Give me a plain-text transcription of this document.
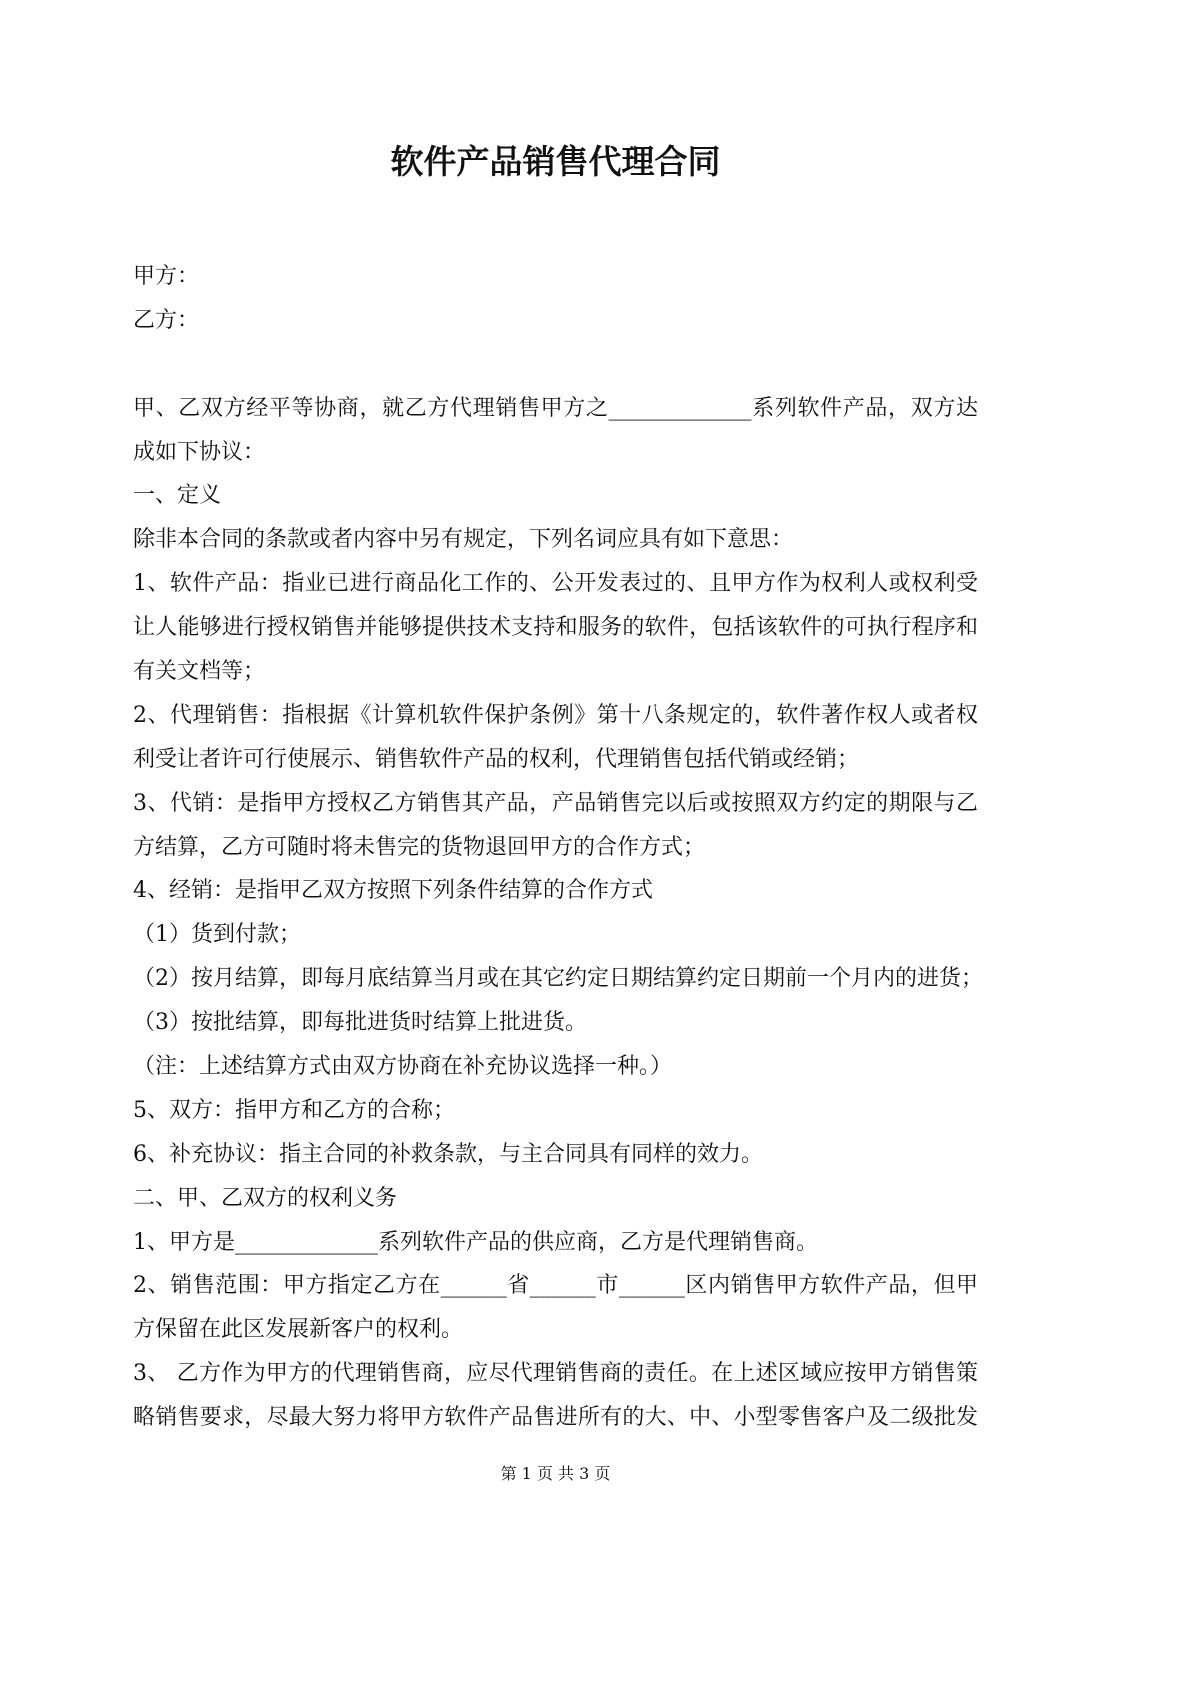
软件产品销售代理合同
甲方：
乙方：
甲、乙双方经平等协商，就乙方代理销售甲方之_____________系列软件产品，双方达
成如下协议：
一、定义
除非本合同的条款或者内容中另有规定，下列名词应具有如下意思：
1、软件产品：指业已进行商品化工作的、公开发表过的、且甲方作为权利人或权利受
让人能够进行授权销售并能够提供技术支持和服务的软件，包括该软件的可执行程序和
有关文档等；
2、代理销售：指根据《计算机软件保护条例》第十八条规定的，软件著作权人或者权
利受让者许可行使展示、销售软件产品的权利，代理销售包括代销或经销；
3、代销：是指甲方授权乙方销售其产品，产品销售完以后或按照双方约定的期限与乙
方结算，乙方可随时将未售完的货物退回甲方的合作方式；
4、经销：是指甲乙双方按照下列条件结算的合作方式
（1）货到付款；
（2）按月结算，即每月底结算当月或在其它约定日期结算约定日期前一个月内的进货；
（3）按批结算，即每批进货时结算上批进货。
（注：上述结算方式由双方协商在补充协议选择一种。）
5、双方：指甲方和乙方的合称；
6、补充协议：指主合同的补救条款，与主合同具有同样的效力。
二、甲、乙双方的权利义务
1、甲方是_____________系列软件产品的供应商，乙方是代理销售商。
2、销售范围：甲方指定乙方在______省______市______区内销售甲方软件产品，但甲
方保留在此区发展新客户的权利。
3、 乙方作为甲方的代理销售商，应尽代理销售商的责任。在上述区域应按甲方销售策
略销售要求，尽最大努力将甲方软件产品售进所有的大、中、小型零售客户及二级批发
第 1 页 共 3 页
